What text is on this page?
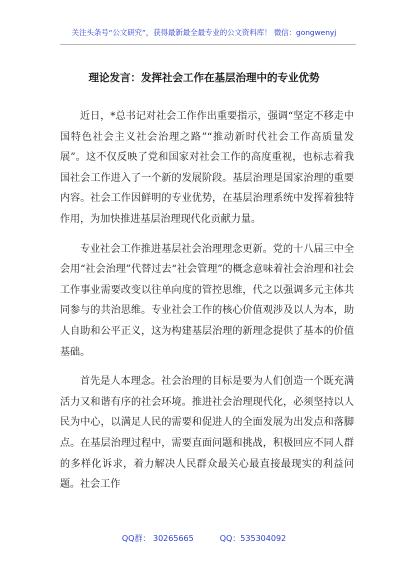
关注头条号“公文研究”，获得最新最全最专业的公文资料库！ 微信：gongwenyj
理论发言：发挥社会工作在基层治理中的专业优势

近日，*总书记对社会工作作出重要指示，强调“坚定不移走中国特色社会主义社会治理之路”“推动新时代社会工作高质量发展”。这不仅反映了党和国家对社会工作的高度重视，也标志着我国社会工作进入了一个新的发展阶段。基层治理是国家治理的重要内容。社会工作因鲜明的专业优势，在基层治理系统中发挥着独特作用，为加快推进基层治理现代化贡献力量。

专业社会工作推进基层社会治理理念更新。党的十八届三中全会用“社会治理”代替过去“社会管理”的概念意味着社会治理和社会工作事业需要改变以往单向度的管控思维，代之以强调多元主体共同参与的共治思维。专业社会工作的核心价值观涉及以人为本，助人自助和公平正义，这为构建基层治理的新理念提供了基本的价值基础。

首先是人本理念。社会治理的目标是要为人们创造一个既充满活力又和谐有序的社会环境。推进社会治理现代化，必须坚持以人民为中心，以满足人民的需要和促进人的全面发展为出发点和落脚点。在基层治理过程中，需要直面问题和挑战，积极回应不同人群的多样化诉求，着力解决人民群众最关心最直接最现实的利益问题。社会工作

QQ群： 30265665	QQ：535304092
